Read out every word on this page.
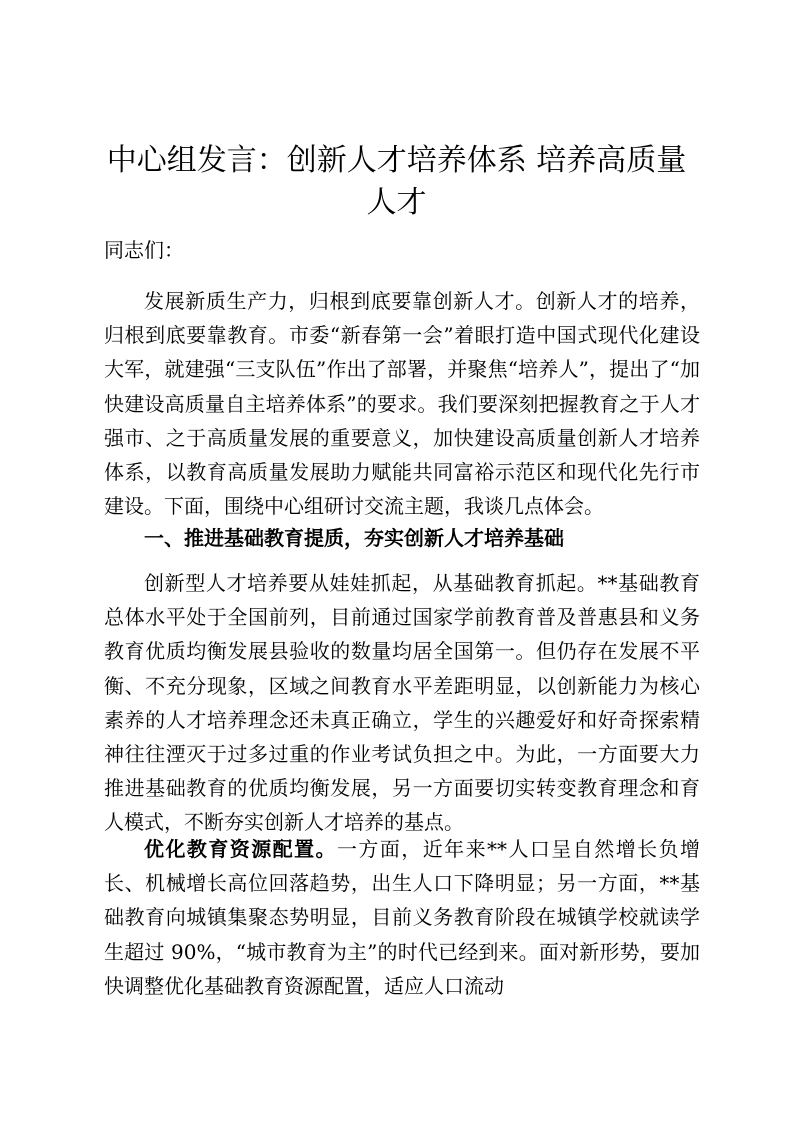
中心组发言：创新人才培养体系 培养高质量人才
同志们：

发展新质生产力，归根到底要靠创新人才。创新人才的培养，归根到底要靠教育。市委“新春第一会”着眼打造中国式现代化建设大军，就建强“三支队伍”作出了部署，并聚焦“培养人”，提出了“加快建设高质量自主培养体系”的要求。我们要深刻把握教育之于人才强市、之于高质量发展的重要意义，加快建设高质量创新人才培养体系，以教育高质量发展助力赋能共同富裕示范区和现代化先行市建设。下面，围绕中心组研讨交流主题，我谈几点体会。

一、推进基础教育提质，夯实创新人才培养基础

创新型人才培养要从娃娃抓起，从基础教育抓起。**基础教育总体水平处于全国前列，目前通过国家学前教育普及普惠县和义务教育优质均衡发展县验收的数量均居全国第一。但仍存在发展不平衡、不充分现象，区域之间教育水平差距明显，以创新能力为核心素养的人才培养理念还未真正确立，学生的兴趣爱好和好奇探索精神往往湮灭于过多过重的作业考试负担之中。为此，一方面要大力推进基础教育的优质均衡发展，另一方面要切实转变教育理念和育人模式，不断夯实创新人才培养的基点。

优化教育资源配置。一方面，近年来**人口呈自然增长负增长、机械增长高位回落趋势，出生人口下降明显；另一方面，**基础教育向城镇集聚态势明显，目前义务教育阶段在城镇学校就读学生超过 90%，“城市教育为主”的时代已经到来。面对新形势，要加快调整优化基础教育资源配置，适应人口流动
